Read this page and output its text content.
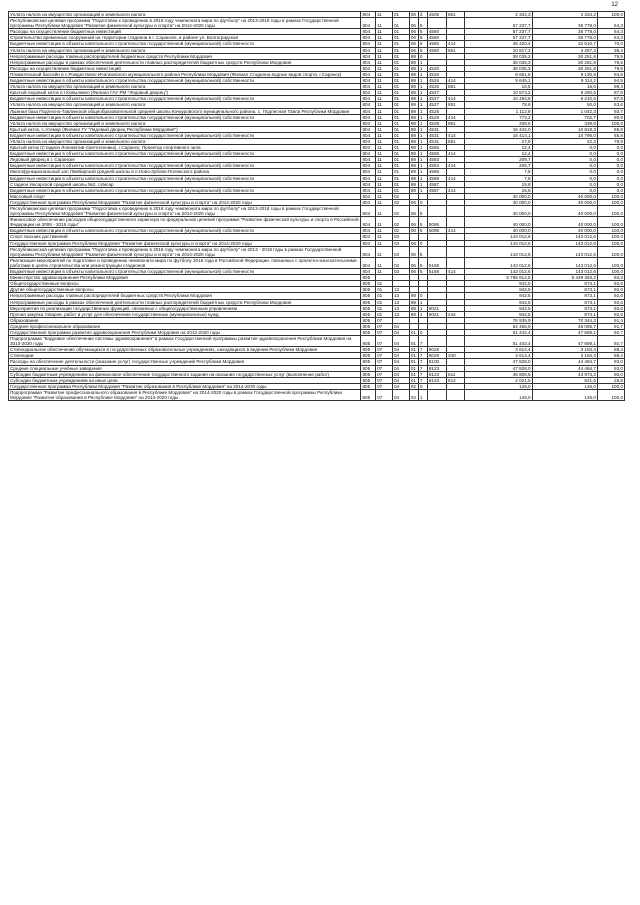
12
Уплата налога на имущество организаций и земельного налога	804	11	01	06	3	4505	851	2 334,3	2 334,2	100,0
Республиканская целевая программа "Подготовка к проведению в 2018 году чемпионата мира по футболу" на 2013-2018 годы в рамках Государственной программы Республики Мордовия "Развитие физической культуры и спорта" на 2014-2020 годы	804	11	01	06	5			57 237,7	36 778,0	64,3
Расходы на осуществление бюджетных инвестиций	804	11	01	06	5	4560		57 237,7	36 778,0	64,3
Строительство временных сооружений на территории стадиона в г. Саранске, в районе ул. Волгоградская	804	11	01	06	5	4560		57 237,7	36 778,0	64,3
Бюджетные инвестиции в объекты капитального строительства государственной (муниципальной) собственности	804	11	01	06	5	4560	414	46 420,4	32 510,7	70,0
Уплата налога на имущество организаций и земельного налога	804	11	01	06	5	4560	851	10 817,3	4 267,3	39,4
Непрограммные расходы главных распорядителей бюджетных средств Республики Мордовия	804	11	01	89	0			38 035,3	30 251,8	79,5
Непрограммные расходы в рамках обеспечения деятельности главных распорядителей бюджетных средств Республики Мордовия	804	11	01	89	1			38 035,3	30 251,8	79,5
Расходы на осуществление бюджетных инвестиций	804	11	01	89	1	4520		38 035,3	30 251,8	79,5
Плавательный бассейн в с.Рождествено Ичалковского муниципального района Республики Мордовия (Филиал Стадиона водных видов спорта, г.Саранск)	804	11	01	89	1	4526		9 661,6	9 130,8	94,5
Бюджетные инвестиции в объекты капитального строительства государственной (муниципальной) собственности	804	11	01	89	1	4526	414	9 645,1	9 114,2	94,5
Уплата налога на имущество организаций и земельного налога	804	11	01	89	1	4526	851	16,5	16,6	99,4
Крытый ледовый каток в г.Ковылкино (Филиал ГАУ РМ "Ледовый дворец")	804	11	01	89	1	4527		10 573,2	9 260,6	87,6
Бюджетные инвестиции в объекты капитального строительства государственной (муниципальной) собственности	804	11	01	89	1	4527	414	10 494,6	9 210,6	87,8
Уплата налога на имущество организаций и земельного налога	804	11	01	89	1	4527	851	78,6	50,0	63,6
Лыжная база Подлесно-Тавлинской общеобразовательной средней школы Кочкуровского муниципального района, с. Подлесная Тавла Республики Мордовия	804	11	01	89	1	4528		1 112,8	1 042,3	93,7
Бюджетные инвестиции в объекты капитального строительства государственной (муниципальной) собственности	804	11	01	89	1	4528	414	773,2	702,7	90,9
Уплата налога на имущество организаций и земельного налога	804	11	01	89	1	4528	851	339,6	339,6	100,0
Крытый каток, с.Атемар (Филиал ГУ "Ледовый дворец Республики Мордовия")	804	11	01	89	1	4531		16 442,0	10 818,3	65,8
Бюджетные инвестиции в объекты капитального строительства государственной (муниципальной) собственности	804	11	01	89	1	4531	414	16 414,1	10 796,0	65,8
Уплата налога на имущество организаций и земельного налога	804	11	01	89	1	4531	851	27,9	22,3	79,9
Крытый каток (Стадион Локомотив-Светотехника), г.Саранск, Проектор спортивного зала	804	11	01	89	1	4555		12,4	0,0	0,0
Бюджетные инвестиции в объекты капитального строительства государственной (муниципальной) собственности	804	11	01	89	1	4555	414	12,4	0,0	0,0
Ледовый дворец в г. Саранске	804	11	01	89	1	4583		209,7	0,0	0,0
Бюджетные инвестиции в объекты капитального строительства государственной (муниципальной) собственности	804	11	01	89	1	4583	414	209,7	0,0	0,0
Многофункциональный зал Лямбирской средней школы в п.Ново-Зубово-Полянского района	804	11	01	89	1	4586		7,8	0,0	0,0
Бюджетные инвестиции в объекты капитального строительства государственной (муниципальной) собственности	804	11	01	89	1	4586	414	7,8	0,0	0,0
Стадион Инсарской средней школы №2, г.Инсар	804	11	01	89	1	4587		15,8	0,0	0,0
Бюджетные инвестиции в объекты капитального строительства государственной (муниципальной) собственности	804	11	01	89	1	4587	414	15,8	0,0	0,0
Массовый спорт	804	11	02					40 000,0	40 000,0	100,0
Государственная программа Республики Мордовия "Развитие физической культуры и спорта" на 2014-2020 годы	804	11	02	06	0			40 000,0	40 000,0	100,0
Республиканская целевая программа "Подготовка к проведению в 2018 году чемпионата мира по футболу" на 2013-2018 годы в рамках Государственной программы Республики Мордовия "Развитие физической культуры и спорта" на 2014-2020 годы	804	11	02	06	5			40 000,0	40 000,0	100,0
Финансовое обеспечение расходов общегосударственного характера по федеральной целевой программе "Развитие физической культуры и спорта в Российской Федерации на 2006 - 2015 годы"	804	11	02	06	5	5095		40 000,0	40 000,0	100,0
Бюджетные инвестиции в объекты капитального строительства государственной (муниципальной) собственности	804	11	02	06	5	5095	414	40 000,0	40 000,0	100,0
Спорт высших достижений	804	11	03					143 012,6	143 012,6	100,0
Государственная программа Республики Мордовия "Развитие физической культуры и спорта" на 2014-2020 годы	804	11	03	06	0			143 012,6	143 012,6	100,0
Республиканская целевая программа "Подготовка к проведению в 2018 году чемпионата мира по футболу" на 2013 - 2018 годы в рамках Государственной программы Республики Мордовия "Развитие физической культуры и спорта" на 2014-2020 годы	804	11	03	06	5			143 012,6	143 012,6	100,0
Реализация мероприятий по подготовке и проведению чемпионата мира по футболу 2018 года в Российской Федерации, связанных с проектно-изыскательскими работами в целях строительства или реконструкции стадионов	804	11	03	06	5	5168		143 012,6	143 012,6	100,0
Бюджетные инвестиции в объекты капитального строительства государственной (муниципальной) собственности	804	11	03	06	5	5168	414	143 012,6	143 012,6	100,0
Министерство здравоохранения Республики Мордовия	805							5 768 812,5	5 439 363,2	94,3
Общегосударственные вопросы	805	01						942,5	873,1	92,6
Другие общегосударственные вопросы	805	01	13					942,5	873,1	92,6
Непрограммные расходы главных распорядителей бюджетных средств Республики Мордовия	805	01	13	89	0			942,5	873,1	92,6
Непрограммные расходы в рамках обеспечения деятельности главных распорядителей бюджетных средств Республики Мордовия	805	01	13	89	1			942,5	873,1	92,6
Мероприятия по реализации государственных функций, связанных с общегосударственным управлением	805	01	13	89	1	8021		942,5	873,1	92,6
Прочая закупка товаров, работ и услуг для обеспечения государственных (муниципальных) нужд	805	01	13	89	1	8021	244	942,5	873,1	92,6
Образование	805	07						76 935,9	70 344,3	91,4
Среднее профессиональное образование	805	07	04					52 466,9	48 095,7	91,7
Государственная программа развития здравоохранения Республики Мордовия на 2013-2020 годы	805	07	04	01	0			51 442,4	47 689,1	92,7
Подпрограмма "Кадровое обеспечение системы здравоохранения" в рамках Государственной программы развития здравоохранения Республики Мордовия на 2013-2020 годы	805	07	04	01	7			51 442,4	47 689,1	92,7
Стипендиальное обеспечение обучающихся в государственных образовательных учреждениях, находящихся в ведении Республики Мордовия	805	07	04	01	7	8028		3 614,4	3 194,4	88,4
Стипендии	805	07	04	01	7	8028	340	3 614,4	3 194,4	88,4
Расходы на обеспечение деятельности (оказание услуг) государственных учреждений Республики Мордовия	805	07	04	01	7	8100		47 828,0	44 494,7	93,0
Средние специальные учебные заведения	805	07	04	01	7	8123		47 828,0	44 494,7	93,0
Субсидии бюджетным учреждениям на финансовое обеспечение государственного задания на оказание государственных услуг (выполнение работ)	805	07	04	01	7	8123	611	45 806,5	43 973,2	96,0
Субсидии бюджетным учреждениям на иные цели	805	07	04	01	7	8123	612	2 021,5	521,5	25,8
Государственная программа Республики Мордовия "Развитие образования в Республике Мордовия" на 2014-2020 годы	805	07	04	02	0			126,0	126,0	100,0
Подпрограмма "Развитие профессионального образования в Республике Мордовия" на 2014-2020 годы в рамках Государственной программы Республики Мордовия "Развитие образования в Республике Мордовия" на 2014-2020 годы	805	07	04	02	1			126,0	126,0	100,0
